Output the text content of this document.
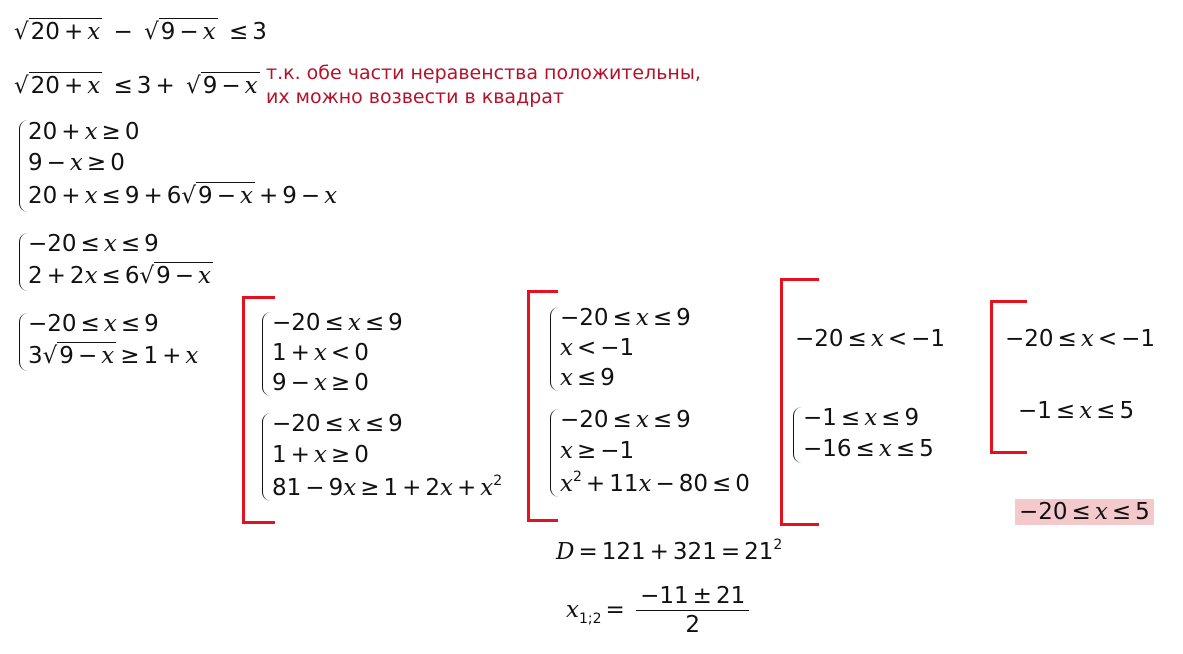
√20 + x − √9 − x ≤ 3
√20 + x ≤ 3 + √9 − x т.к. обе части неравенства положительны,
их можно возвести в квадрат
20 + x ≥ 0
9 − x ≥ 0
20 + x ≤ 9 + 6√9 − x + 9 − x
−20 ≤ x ≤ 9
2 + 2x ≤ 6√9 − x
−20 ≤ x ≤ 9
3√9 − x ≥ 1 + x
−20 ≤ x ≤ 9
1 + x < 0
9 − x ≥ 0
−20 ≤ x ≤ 9
1 + x ≥ 0
$81 - 9x \ge 1 + 2x + x^2$
−20 ≤ x ≤ 9
x < −1
x ≤ 9
−20 ≤ x ≤ 9
x ≥ −1
$x^2 + 11x - 80 \le 0$
−20 ≤ x < −1
−1 ≤ x ≤ 9
−16 ≤ x ≤ 5
−20 ≤ x < −1
−1 ≤ x ≤ 5
−20 ≤ x ≤ 5
$D = 121 + 321 = 21^2$
$x_{1;2} = \frac{-11 \pm 21}{2}$
